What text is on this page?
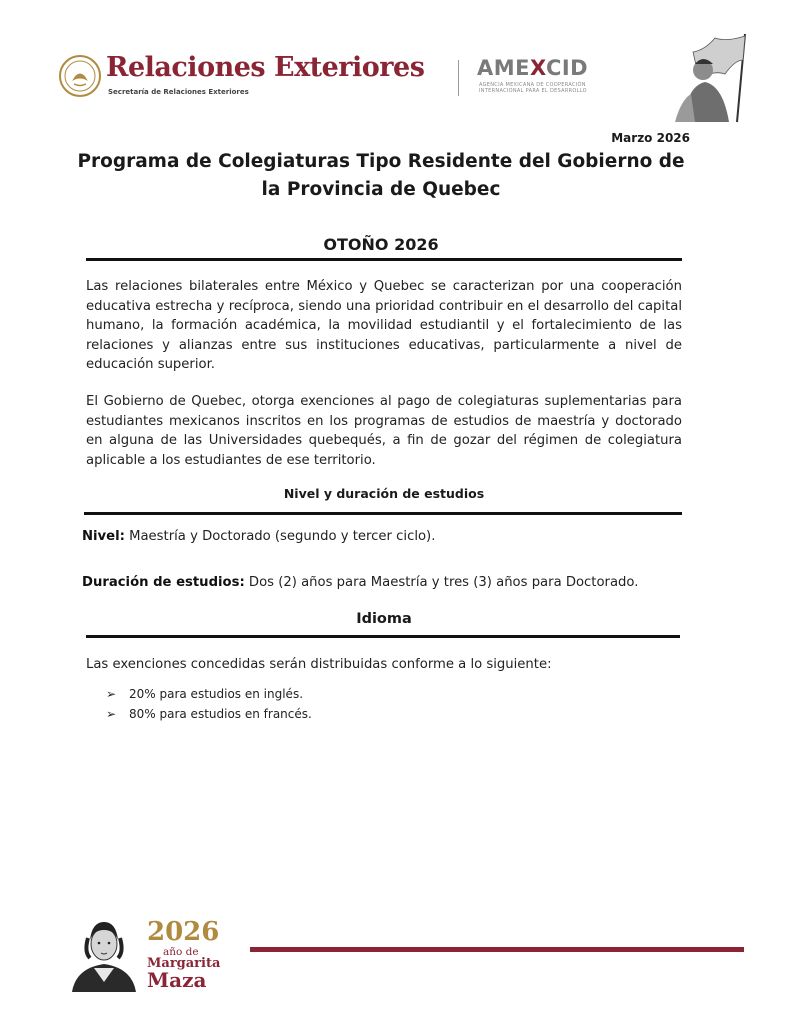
Relaciones Exteriores
Secretaría de Relaciones Exteriores
AMEXCID
AGENCIA MEXICANA DE COOPERACIÓN INTERNACIONAL PARA EL DESARROLLO
Marzo 2026
Programa de Colegiaturas Tipo Residente del Gobierno de la Provincia de Quebec
OTOÑO 2026
Las relaciones bilaterales entre México y Quebec se caracterizan por una cooperación educativa estrecha y recíproca, siendo una prioridad contribuir en el desarrollo del capital humano, la formación académica, la movilidad estudiantil y el fortalecimiento de las relaciones y alianzas entre sus instituciones educativas, particularmente a nivel de educación superior.
El Gobierno de Quebec, otorga exenciones al pago de colegiaturas suplementarias para estudiantes mexicanos inscritos en los programas de estudios de maestría y doctorado en alguna de las Universidades quebequés, a fin de gozar del régimen de colegiatura aplicable a los estudiantes de ese territorio.
Nivel y duración de estudios
Nivel: Maestría y Doctorado (segundo y tercer ciclo).
Duración de estudios: Dos (2) años para Maestría y tres (3) años para Doctorado.
Idioma
Las exenciones concedidas serán distribuidas conforme a lo siguiente:
➢ 20% para estudios en inglés.
➢ 80% para estudios en francés.
2026
año de
Margarita
Maza
